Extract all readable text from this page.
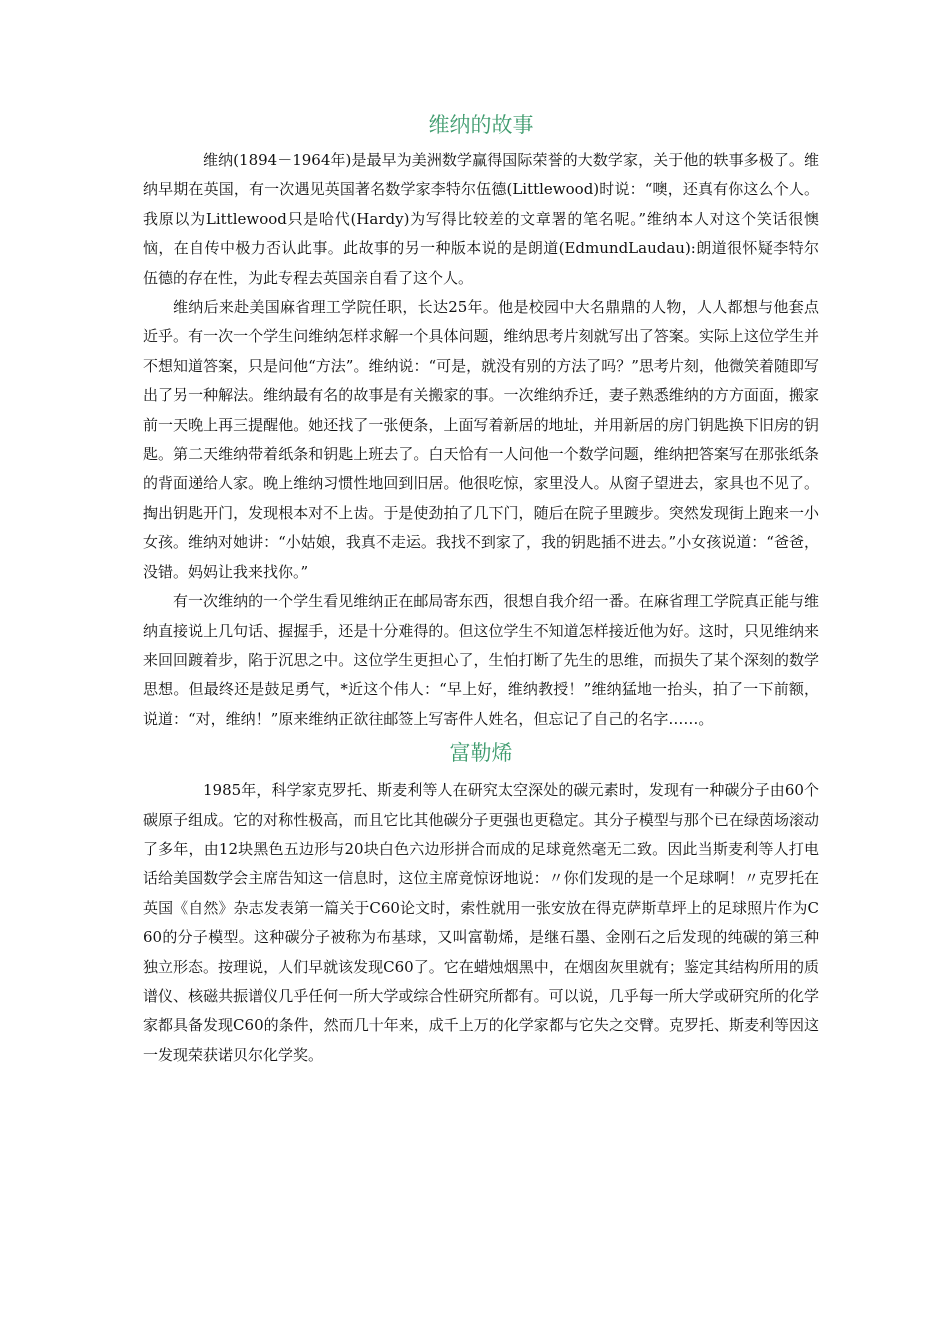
维纳的故事

维纳(1894－1964年)是最早为美洲数学赢得国际荣誉的大数学家，关于他的轶事多极了。维纳早期在英国，有一次遇见英国著名数学家李特尔伍德(Littlewood)时说：“噢，还真有你这么个人。我原以为Littlewood只是哈代(Hardy)为写得比较差的文章署的笔名呢。”维纳本人对这个笑话很懊恼，在自传中极力否认此事。此故事的另一种版本说的是朗道(EdmundLaudau):朗道很怀疑李特尔伍德的存在性，为此专程去英国亲自看了这个人。

维纳后来赴美国麻省理工学院任职，长达25年。他是校园中大名鼎鼎的人物，人人都想与他套点近乎。有一次一个学生问维纳怎样求解一个具体问题，维纳思考片刻就写出了答案。实际上这位学生并不想知道答案，只是问他“方法”。维纳说：“可是，就没有别的方法了吗？”思考片刻，他微笑着随即写出了另一种解法。维纳最有名的故事是有关搬家的事。一次维纳乔迁，妻子熟悉维纳的方方面面，搬家前一天晚上再三提醒他。她还找了一张便条，上面写着新居的地址，并用新居的房门钥匙换下旧房的钥匙。第二天维纳带着纸条和钥匙上班去了。白天恰有一人问他一个数学问题，维纳把答案写在那张纸条的背面递给人家。晚上维纳习惯性地回到旧居。他很吃惊，家里没人。从窗子望进去，家具也不见了。掏出钥匙开门，发现根本对不上齿。于是使劲拍了几下门，随后在院子里踱步。突然发现街上跑来一小女孩。维纳对她讲：“小姑娘，我真不走运。我找不到家了，我的钥匙插不进去。”小女孩说道：“爸爸，没错。妈妈让我来找你。”

有一次维纳的一个学生看见维纳正在邮局寄东西，很想自我介绍一番。在麻省理工学院真正能与维纳直接说上几句话、握握手，还是十分难得的。但这位学生不知道怎样接近他为好。这时，只见维纳来来回回踱着步，陷于沉思之中。这位学生更担心了，生怕打断了先生的思维，而损失了某个深刻的数学思想。但最终还是鼓足勇气，*近这个伟人：“早上好，维纳教授！”维纳猛地一抬头，拍了一下前额，说道：“对，维纳！”原来维纳正欲往邮签上写寄件人姓名，但忘记了自己的名字……。

富勒烯

1985年，科学家克罗托、斯麦利等人在研究太空深处的碳元素时，发现有一种碳分子由60个碳原子组成。它的对称性极高，而且它比其他碳分子更强也更稳定。其分子模型与那个已在绿茵场滚动了多年，由12块黑色五边形与20块白色六边形拼合而成的足球竟然毫无二致。因此当斯麦利等人打电话给美国数学会主席告知这一信息时，这位主席竟惊讶地说：〃你们发现的是一个足球啊！〃克罗托在英国《自然》杂志发表第一篇关于C60论文时，索性就用一张安放在得克萨斯草坪上的足球照片作为C60的分子模型。这种碳分子被称为布基球，又叫富勒烯，是继石墨、金刚石之后发现的纯碳的第三种独立形态。按理说，人们早就该发现C60了。它在蜡烛烟黑中，在烟囱灰里就有；鉴定其结构所用的质谱仪、核磁共振谱仪几乎任何一所大学或综合性研究所都有。可以说，几乎每一所大学或研究所的化学家都具备发现C60的条件，然而几十年来，成千上万的化学家都与它失之交臂。克罗托、斯麦利等因这一发现荣获诺贝尔化学奖。
